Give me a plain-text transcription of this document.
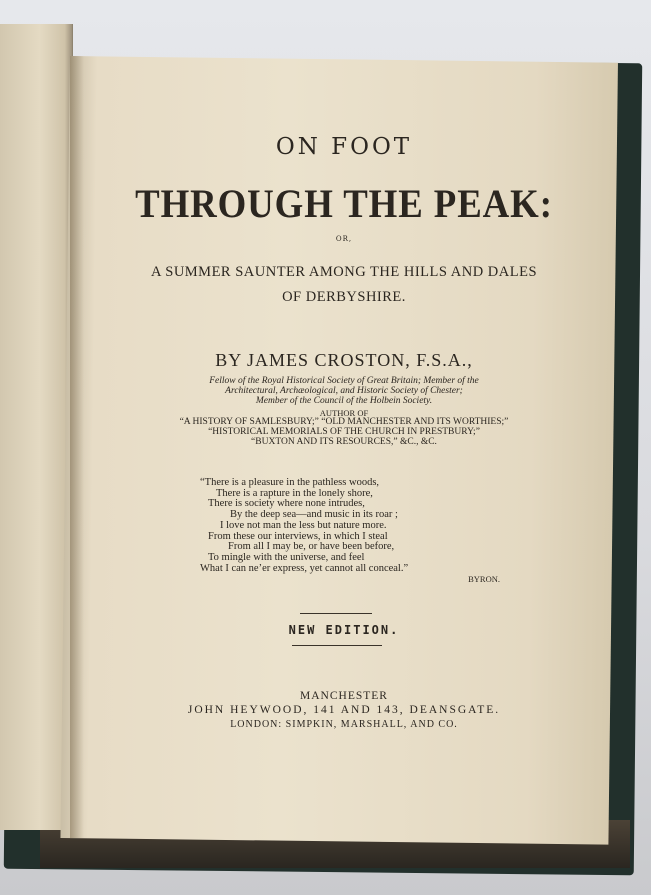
ON FOOT
THROUGH THE PEAK:
OR,
A SUMMER SAUNTER AMONG THE HILLS AND DALES
OF DERBYSHIRE.
BY JAMES CROSTON, F.S.A.,
Fellow of the Royal Historical Society of Great Britain; Member of the
Architectural, Archæological, and Historic Society of Chester;
Member of the Council of the Holbein Society.
AUTHOR OF
“A HISTORY OF SAMLESBURY;” “OLD MANCHESTER AND ITS WORTHIES;”
“HISTORICAL MEMORIALS OF THE CHURCH IN PRESTBURY;”
“BUXTON AND ITS RESOURCES,” &C., &C.
“There is a pleasure in the pathless woods,
There is a rapture in the lonely shore,
There is society where none intrudes,
By the deep sea—and music in its roar ;
I love not man the less but nature more.
From these our interviews, in which I steal
From all I may be, or have been before,
To mingle with the universe, and feel
What I can ne’er express, yet cannot all conceal.”
BYRON.
NEW EDITION.
MANCHESTER
JOHN HEYWOOD, 141 AND 143, DEANSGATE.
LONDON: SIMPKIN, MARSHALL, AND CO.
